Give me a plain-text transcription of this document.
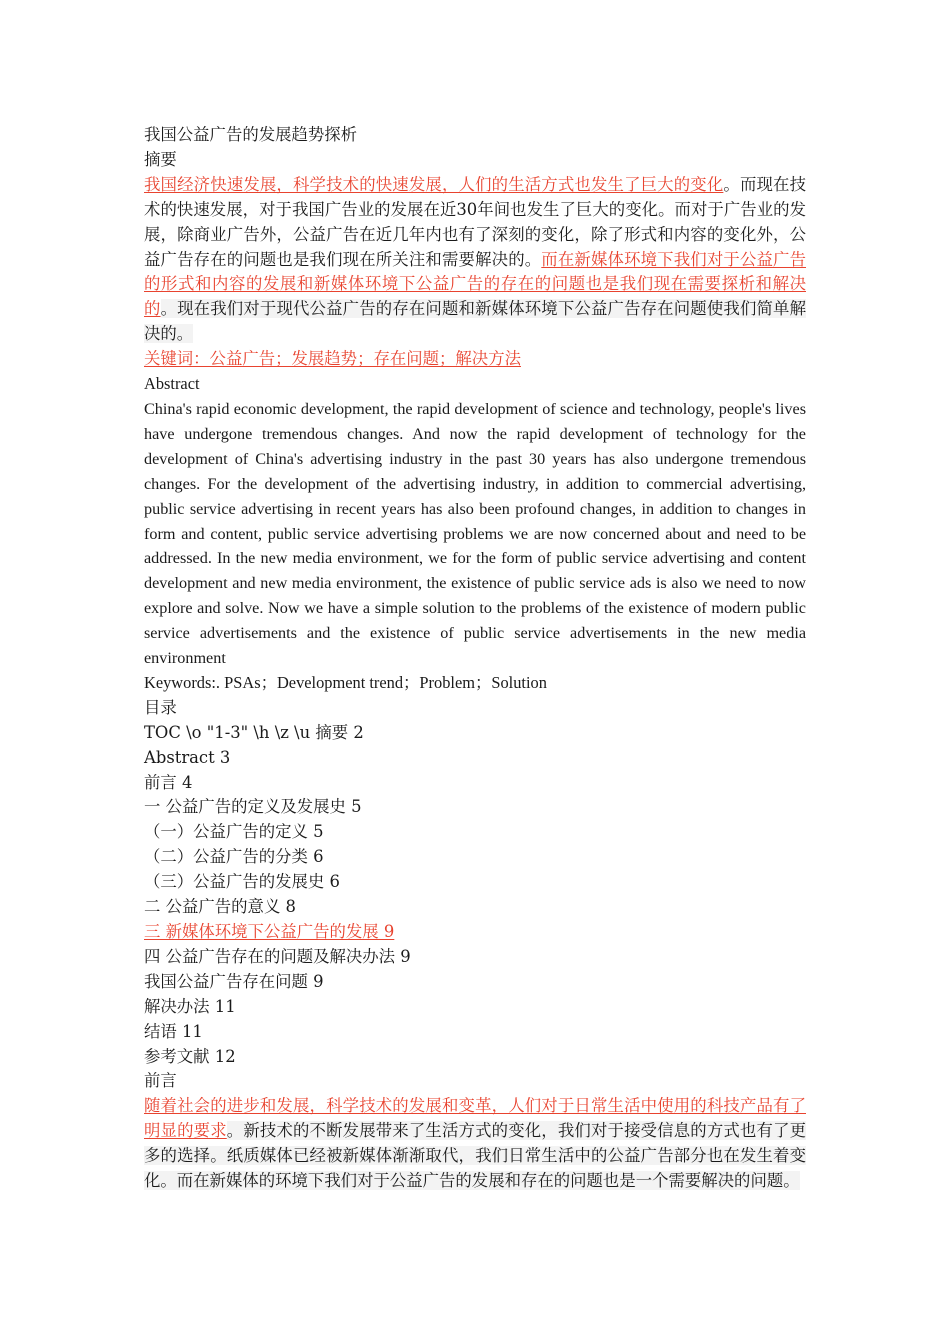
我国公益广告的发展趋势探析
摘要
我国经济快速发展，科学技术的快速发展，人们的生活方式也发生了巨大的变化。而现在技术的快速发展，对于我国广告业的发展在近30年间也发生了巨大的变化。而对于广告业的发展，除商业广告外，公益广告在近几年内也有了深刻的变化，除了形式和内容的变化外，公益广告存在的问题也是我们现在所关注和需要解决的。而在新媒体环境下我们对于公益广告的形式和内容的发展和新媒体环境下公益广告的存在的问题也是我们现在需要探析和解决的。现在我们对于现代公益广告的存在问题和新媒体环境下公益广告存在问题使我们简单解决的。
关键词：公益广告；发展趋势；存在问题；解决方法
Abstract
China's rapid economic development, the rapid development of science and technology, people's lives have undergone tremendous changes. And now the rapid development of technology for the development of China's advertising industry in the past 30 years has also undergone tremendous changes. For the development of the advertising industry, in addition to commercial advertising, public service advertising in recent years has also been profound changes, in addition to changes in form and content, public service advertising problems we are now concerned about and need to be addressed. In the new media environment, we for the form of public service advertising and content development and new media environment, the existence of public service ads is also we need to now explore and solve. Now we have a simple solution to the problems of the existence of modern public service advertisements and the existence of public service advertisements in the new media environment
Keywords:. PSAs；Development trend；Problem；Solution
目录
TOC \o "1-3" \h \z \u 摘要 2
Abstract 3
前言 4
一 公益广告的定义及发展史 5
（一）公益广告的定义 5
（二）公益广告的分类 6
（三）公益广告的发展史 6
二 公益广告的意义 8
三 新媒体环境下公益广告的发展 9
四 公益广告存在的问题及解决办法 9
我国公益广告存在问题 9
解决办法 11
结语 11
参考文献 12
前言
随着社会的进步和发展，科学技术的发展和变革，人们对于日常生活中使用的科技产品有了明显的要求。新技术的不断发展带来了生活方式的变化，我们对于接受信息的方式也有了更多的选择。纸质媒体已经被新媒体渐渐取代，我们日常生活中的公益广告部分也在发生着变化。而在新媒体的环境下我们对于公益广告的发展和存在的问题也是一个需要解决的问题。
